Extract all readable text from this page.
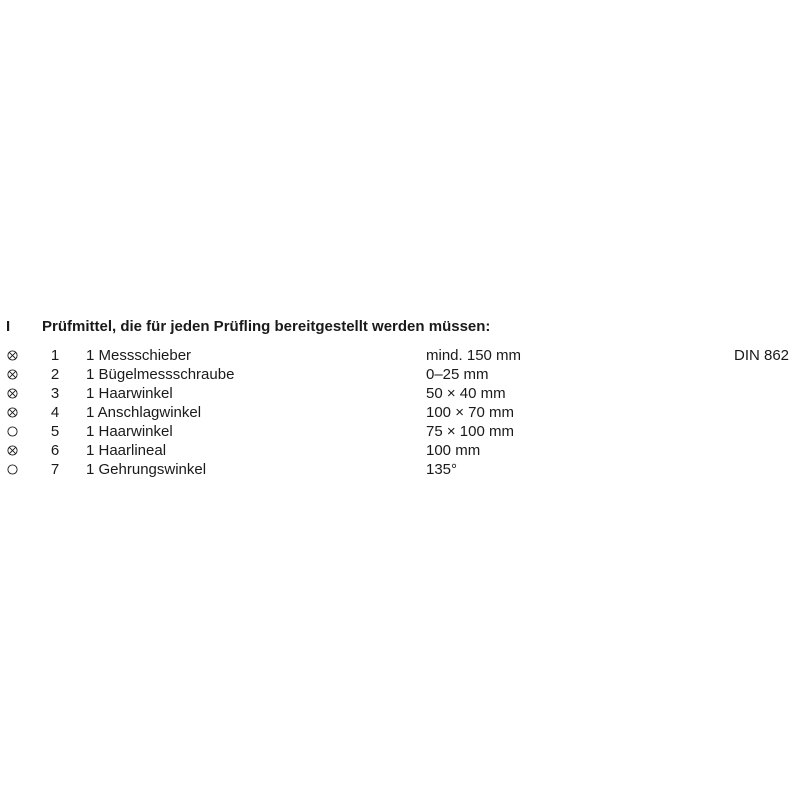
I Prüfmittel, die für jeden Prüfling bereitgestellt werden müssen:
1 1 Messschieber	mind. 150 mm	DIN 862
2 1 Bügelmessschraube	0–25 mm
3 1 Haarwinkel	50 × 40 mm
4 1 Anschlagwinkel	100 × 70 mm
5 1 Haarwinkel	75 × 100 mm
6 1 Haarlineal	100 mm
7 1 Gehrungswinkel	135°
